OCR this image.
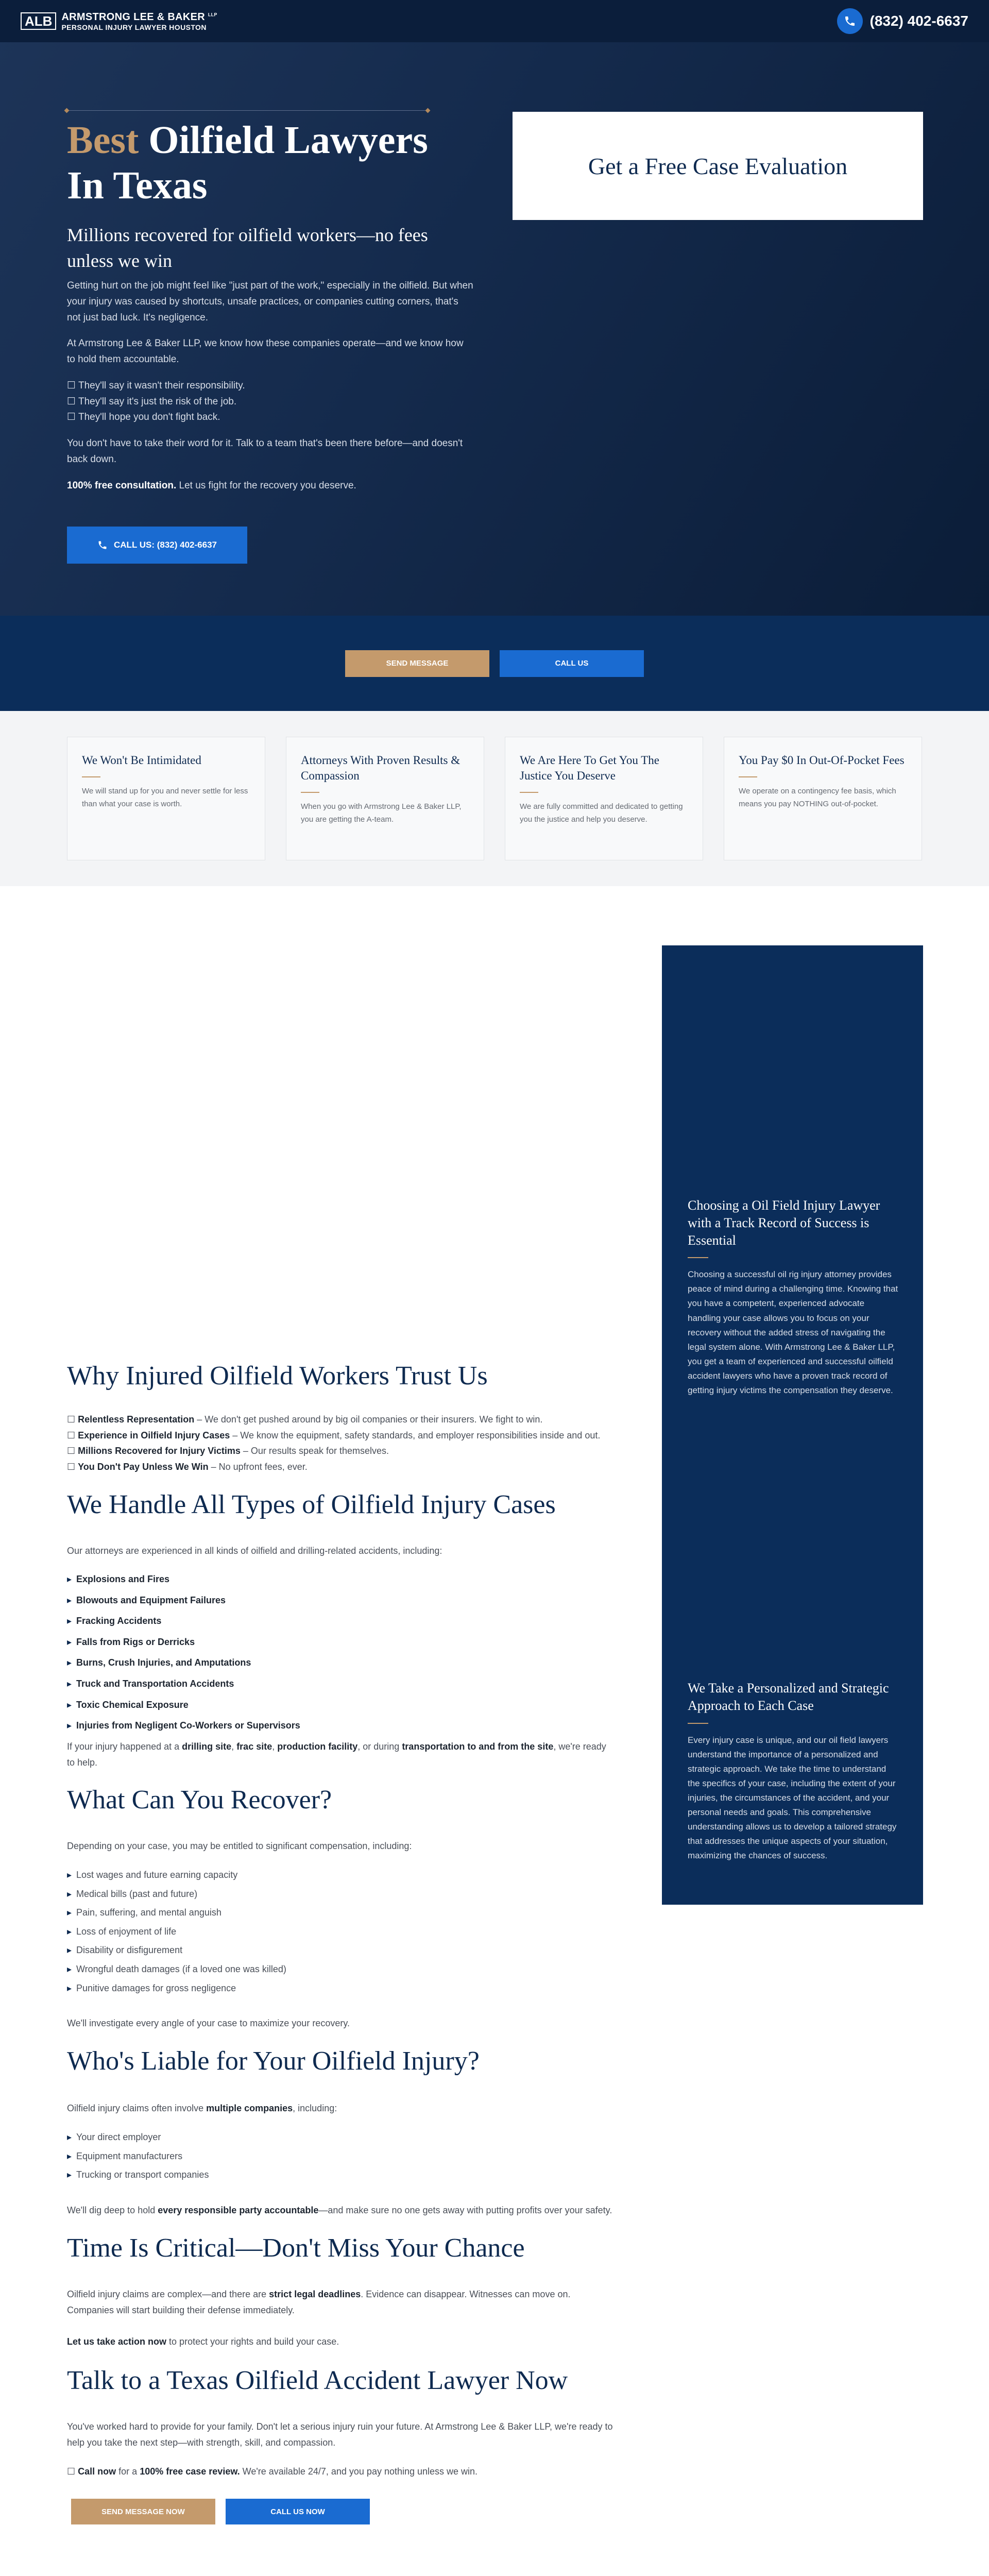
Best Oilfield Lawyers In Texas
Millions recovered for oilfield workers—no fees unless we win

Getting hurt on the job might feel like "just part of the work," especially in the oilfield. But when your injury was caused by shortcuts, unsafe practices, or companies cutting corners, that's not just bad luck. It's negligence.

At Armstrong Lee & Baker LLP, we know how these companies operate—and we know how to hold them accountable.

☐ They'll say it wasn't their responsibility.

☐ They'll say it's just the risk of the job.

☐ They'll hope you don't fight back.

You don't have to take their word for it. Talk to a team that's been there before—and doesn't back down.

100% free consultation. Let us fight for the recovery you deserve.

CALL US: (832) 402-6637
Get a Free Case Evaluation
ALB ARMSTRONG LEE & BAKER $^{LLP}$
PERSONAL INJURY LAWYER HOUSTON	(832) 402-6637
SEND MESSAGE	CALL US
We Won't Be Intimidated
We will stand up for you and never settle for less than what your case is worth.
Attorneys With Proven Results & Compassion
When you go with Armstrong Lee & Baker LLP, you are getting the A-team.
We Are Here To Get You The Justice You Deserve
We are fully committed and dedicated to getting you the justice and help you deserve.
You Pay $0 In Out-Of-Pocket Fees
We operate on a contingency fee basis, which means you pay NOTHING out-of-pocket.
Choosing a Oil Field Injury Lawyer with a Track Record of Success is Essential
Choosing a successful oil rig injury attorney provides peace of mind during a challenging time. Knowing that you have a competent, experienced advocate handling your case allows you to focus on your recovery without the added stress of navigating the legal system alone. With Armstrong Lee & Baker LLP, you get a team of experienced and successful oilfield accident lawyers who have a proven track record of getting injury victims the compensation they deserve.
We Take a Personalized and Strategic Approach to Each Case
Every injury case is unique, and our oil field lawyers understand the importance of a personalized and strategic approach. We take the time to understand the specifics of your case, including the extent of your injuries, the circumstances of the accident, and your personal needs and goals. This comprehensive understanding allows us to develop a tailored strategy that addresses the unique aspects of your situation, maximizing the chances of success.
Why Injured Oilfield Workers Trust Us
☐ Relentless Representation – We don't get pushed around by big oil companies or their insurers. We fight to win.
☐ Experience in Oilfield Injury Cases – We know the equipment, safety standards, and employer responsibilities inside and out.
☐ Millions Recovered for Injury Victims – Our results speak for themselves.
☐ You Don't Pay Unless We Win – No upfront fees, ever.
We Handle All Types of Oilfield Injury Cases

Our attorneys are experienced in all kinds of oilfield and drilling-related accidents, including:

▸ Explosions and Fires
▸ Blowouts and Equipment Failures
▸ Fracking Accidents
▸ Falls from Rigs or Derricks
▸ Burns, Crush Injuries, and Amputations
▸ Truck and Transportation Accidents
▸ Toxic Chemical Exposure
▸ Injuries from Negligent Co-Workers or Supervisors

If your injury happened at a drilling site, frac site, production facility, or during transportation to and from the site, we're ready to help.

What Can You Recover?

Depending on your case, you may be entitled to significant compensation, including:

▸ Lost wages and future earning capacity
▸ Medical bills (past and future)
▸ Pain, suffering, and mental anguish
▸ Loss of enjoyment of life
▸ Disability or disfigurement
▸ Wrongful death damages (if a loved one was killed)
▸ Punitive damages for gross negligence

We'll investigate every angle of your case to maximize your recovery.

Who's Liable for Your Oilfield Injury?

Oilfield injury claims often involve multiple companies, including:

▸ Your direct employer
▸ Equipment manufacturers
▸ Trucking or transport companies

We'll dig deep to hold every responsible party accountable—and make sure no one gets away with putting profits over your safety.

Time Is Critical—Don't Miss Your Chance

Oilfield injury claims are complex—and there are strict legal deadlines. Evidence can disappear. Witnesses can move on. Companies will start building their defense immediately.

Let us take action now to protect your rights and build your case.

Talk to a Texas Oilfield Accident Lawyer Now

You've worked hard to provide for your family. Don't let a serious injury ruin your future. At Armstrong Lee & Baker LLP, we're ready to help you take the next step—with strength, skill, and compassion.

☐ Call now for a 100% free case review. We're available 24/7, and you pay nothing unless we win.

SEND MESSAGE NOW	CALL US NOW
